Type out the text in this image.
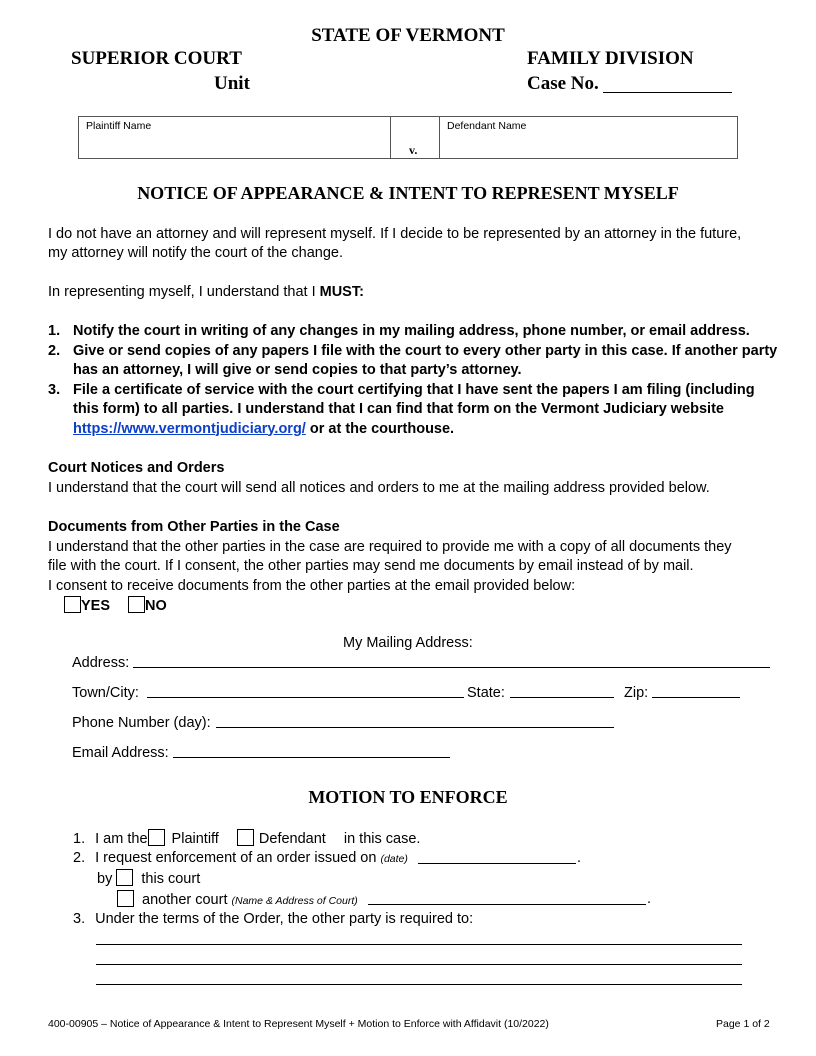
STATE OF VERMONT
SUPERIOR COURT
Unit
FAMILY DIVISION
Case No.
Plaintiff Name
v.
Defendant Name
NOTICE OF APPEARANCE & INTENT TO REPRESENT MYSELF
I do not have an attorney and will represent myself. If I decide to be represented by an attorney in the future,
my attorney will notify the court of the change.
In representing myself, I understand that I MUST:

1. Notify the court in writing of any changes in my mailing address, phone number, or email address.

2. Give or send copies of any papers I file with the court to every other party in this case. If another party has an attorney, I will give or send copies to that party’s attorney.

3. File a certificate of service with the court certifying that I have sent the papers I am filing (including this form) to all parties. I understand that I can find that form on the Vermont Judiciary website https://www.vermontjudiciary.org/ or at the courthouse.

Court Notices and Orders
I understand that the court will send all notices and orders to me at the mailing address provided below.
Documents from Other Parties in the Case
I understand that the other parties in the case are required to provide me with a copy of all documents they
file with the court. If I consent, the other parties may send me documents by email instead of by mail.
I consent to receive documents from the other parties at the email provided below:
YES NO
My Mailing Address:
Address:
Town/City:	State:	Zip:
Phone Number (day):
Email Address:
MOTION TO ENFORCE
1. I am the Plaintiff	Defendant in this case.
2. I request enforcement of an order issued on (date)	.
by this court
another court (Name & Address of Court)	.
3. Under the terms of the Order, the other party is required to:
400-00905 – Notice of Appearance & Intent to Represent Myself + Motion to Enforce with Affidavit (10/2022)	Page 1 of 2
